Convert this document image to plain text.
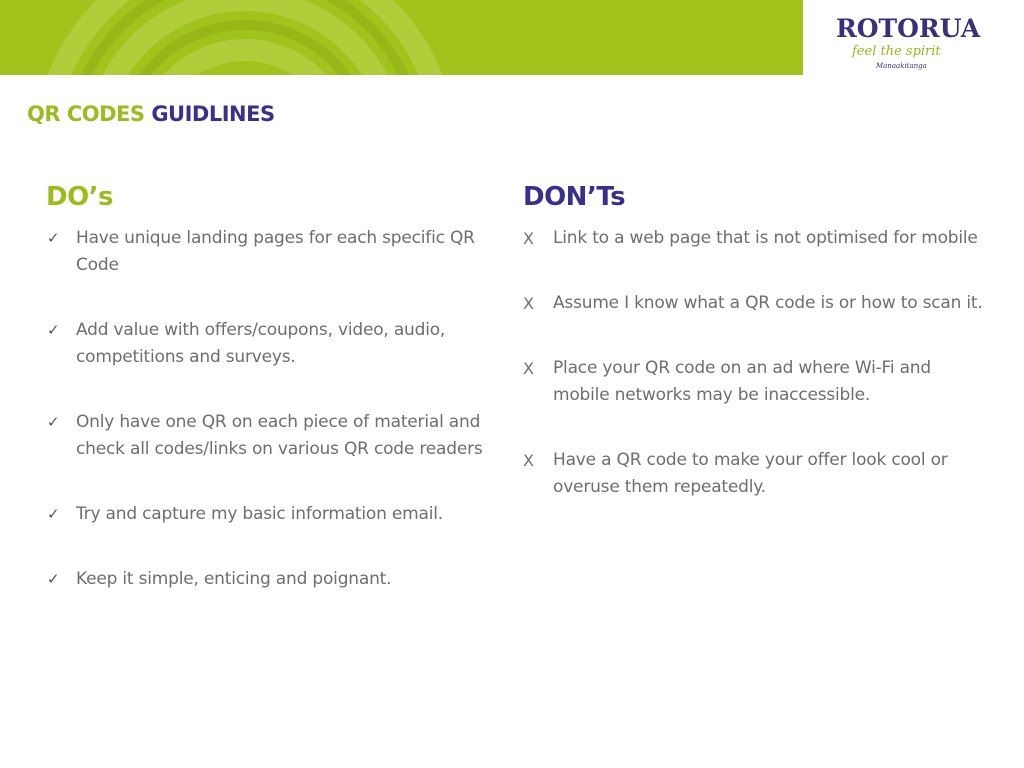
ROTORUA
feel the spirit
Manaakitanga
QR CODES GUIDLINES
DO’s
✓ Have unique landing pages for each specific QR Code
✓ Add value with offers/coupons, video, audio, competitions and surveys.
✓ Only have one QR on each piece of material and check all codes/links on various QR code readers
✓ Try and capture my basic information email.
✓ Keep it simple, enticing and poignant.
DON’Ts
X Link to a web page that is not optimised for mobile
X Assume I know what a QR code is or how to scan it.
X Place your QR code on an ad where Wi-Fi and mobile networks may be inaccessible.
X Have a QR code to make your offer look cool or overuse them repeatedly.
